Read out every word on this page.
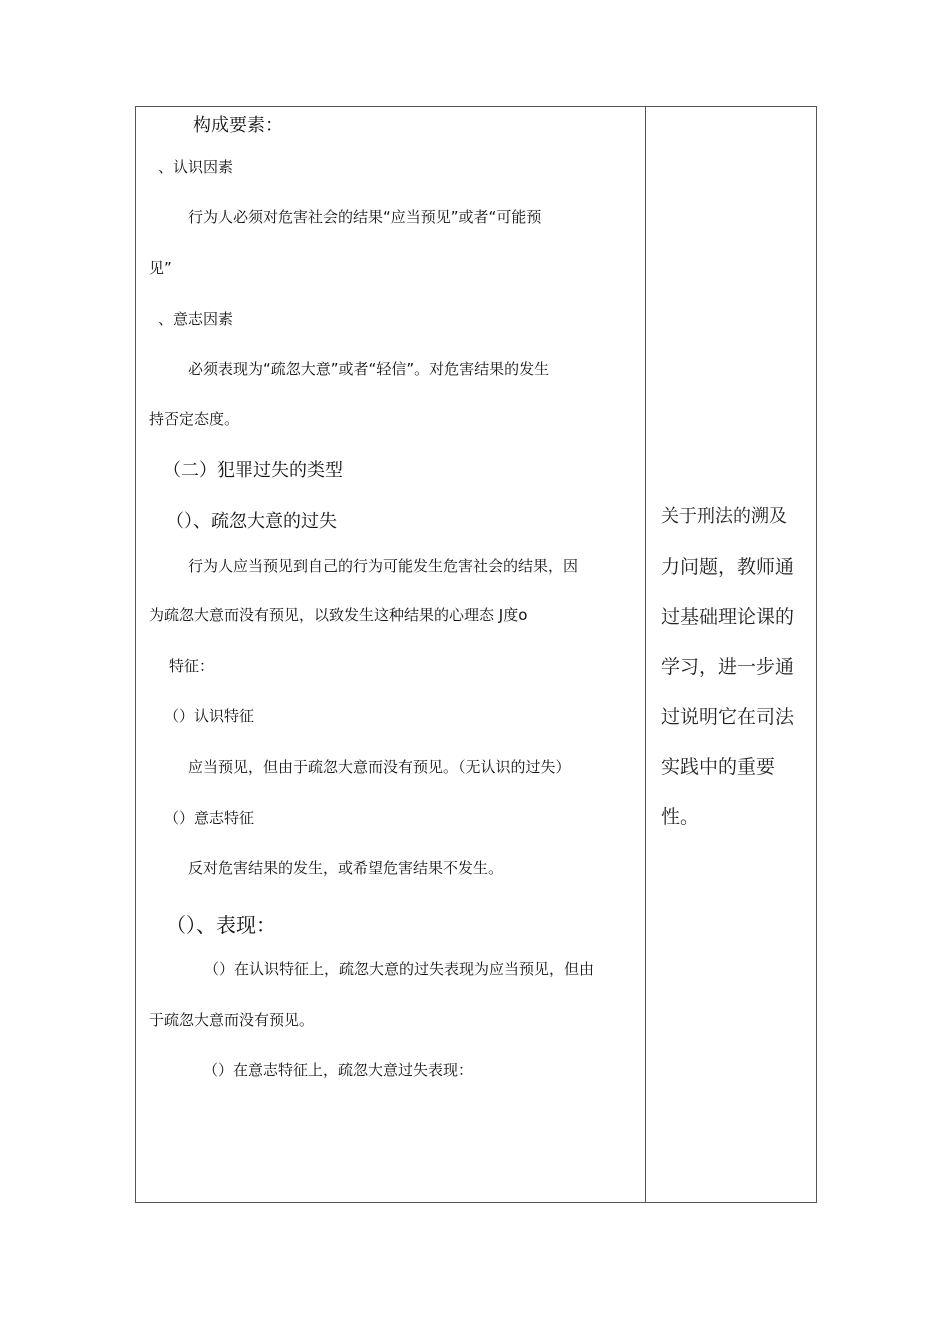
构成要素：
、认识因素
行为人必须对危害社会的结果“应当预见”或者“可能预
见”
、意志因素
必须表现为“疏忽大意”或者“轻信”。对危害结果的发生
持否定态度。
（二）犯罪过失的类型
（）、疏忽大意的过失
行为人应当预见到自己的行为可能发生危害社会的结果，因
为疏忽大意而没有预见，以致发生这种结果的心理态 J度o
特征：
（）认识特征
应当预见，但由于疏忽大意而没有预见。（无认识的过失）
（）意志特征
反对危害结果的发生，或希望危害结果不发生。
（）、表现：
（）在认识特征上，疏忽大意的过失表现为应当预见，但由
于疏忽大意而没有预见。
（）在意志特征上，疏忽大意过失表现：
关于刑法的溯及
力问题，教师通
过基础理论课的
学习，进一步通
过说明它在司法
实践中的重要
性。
